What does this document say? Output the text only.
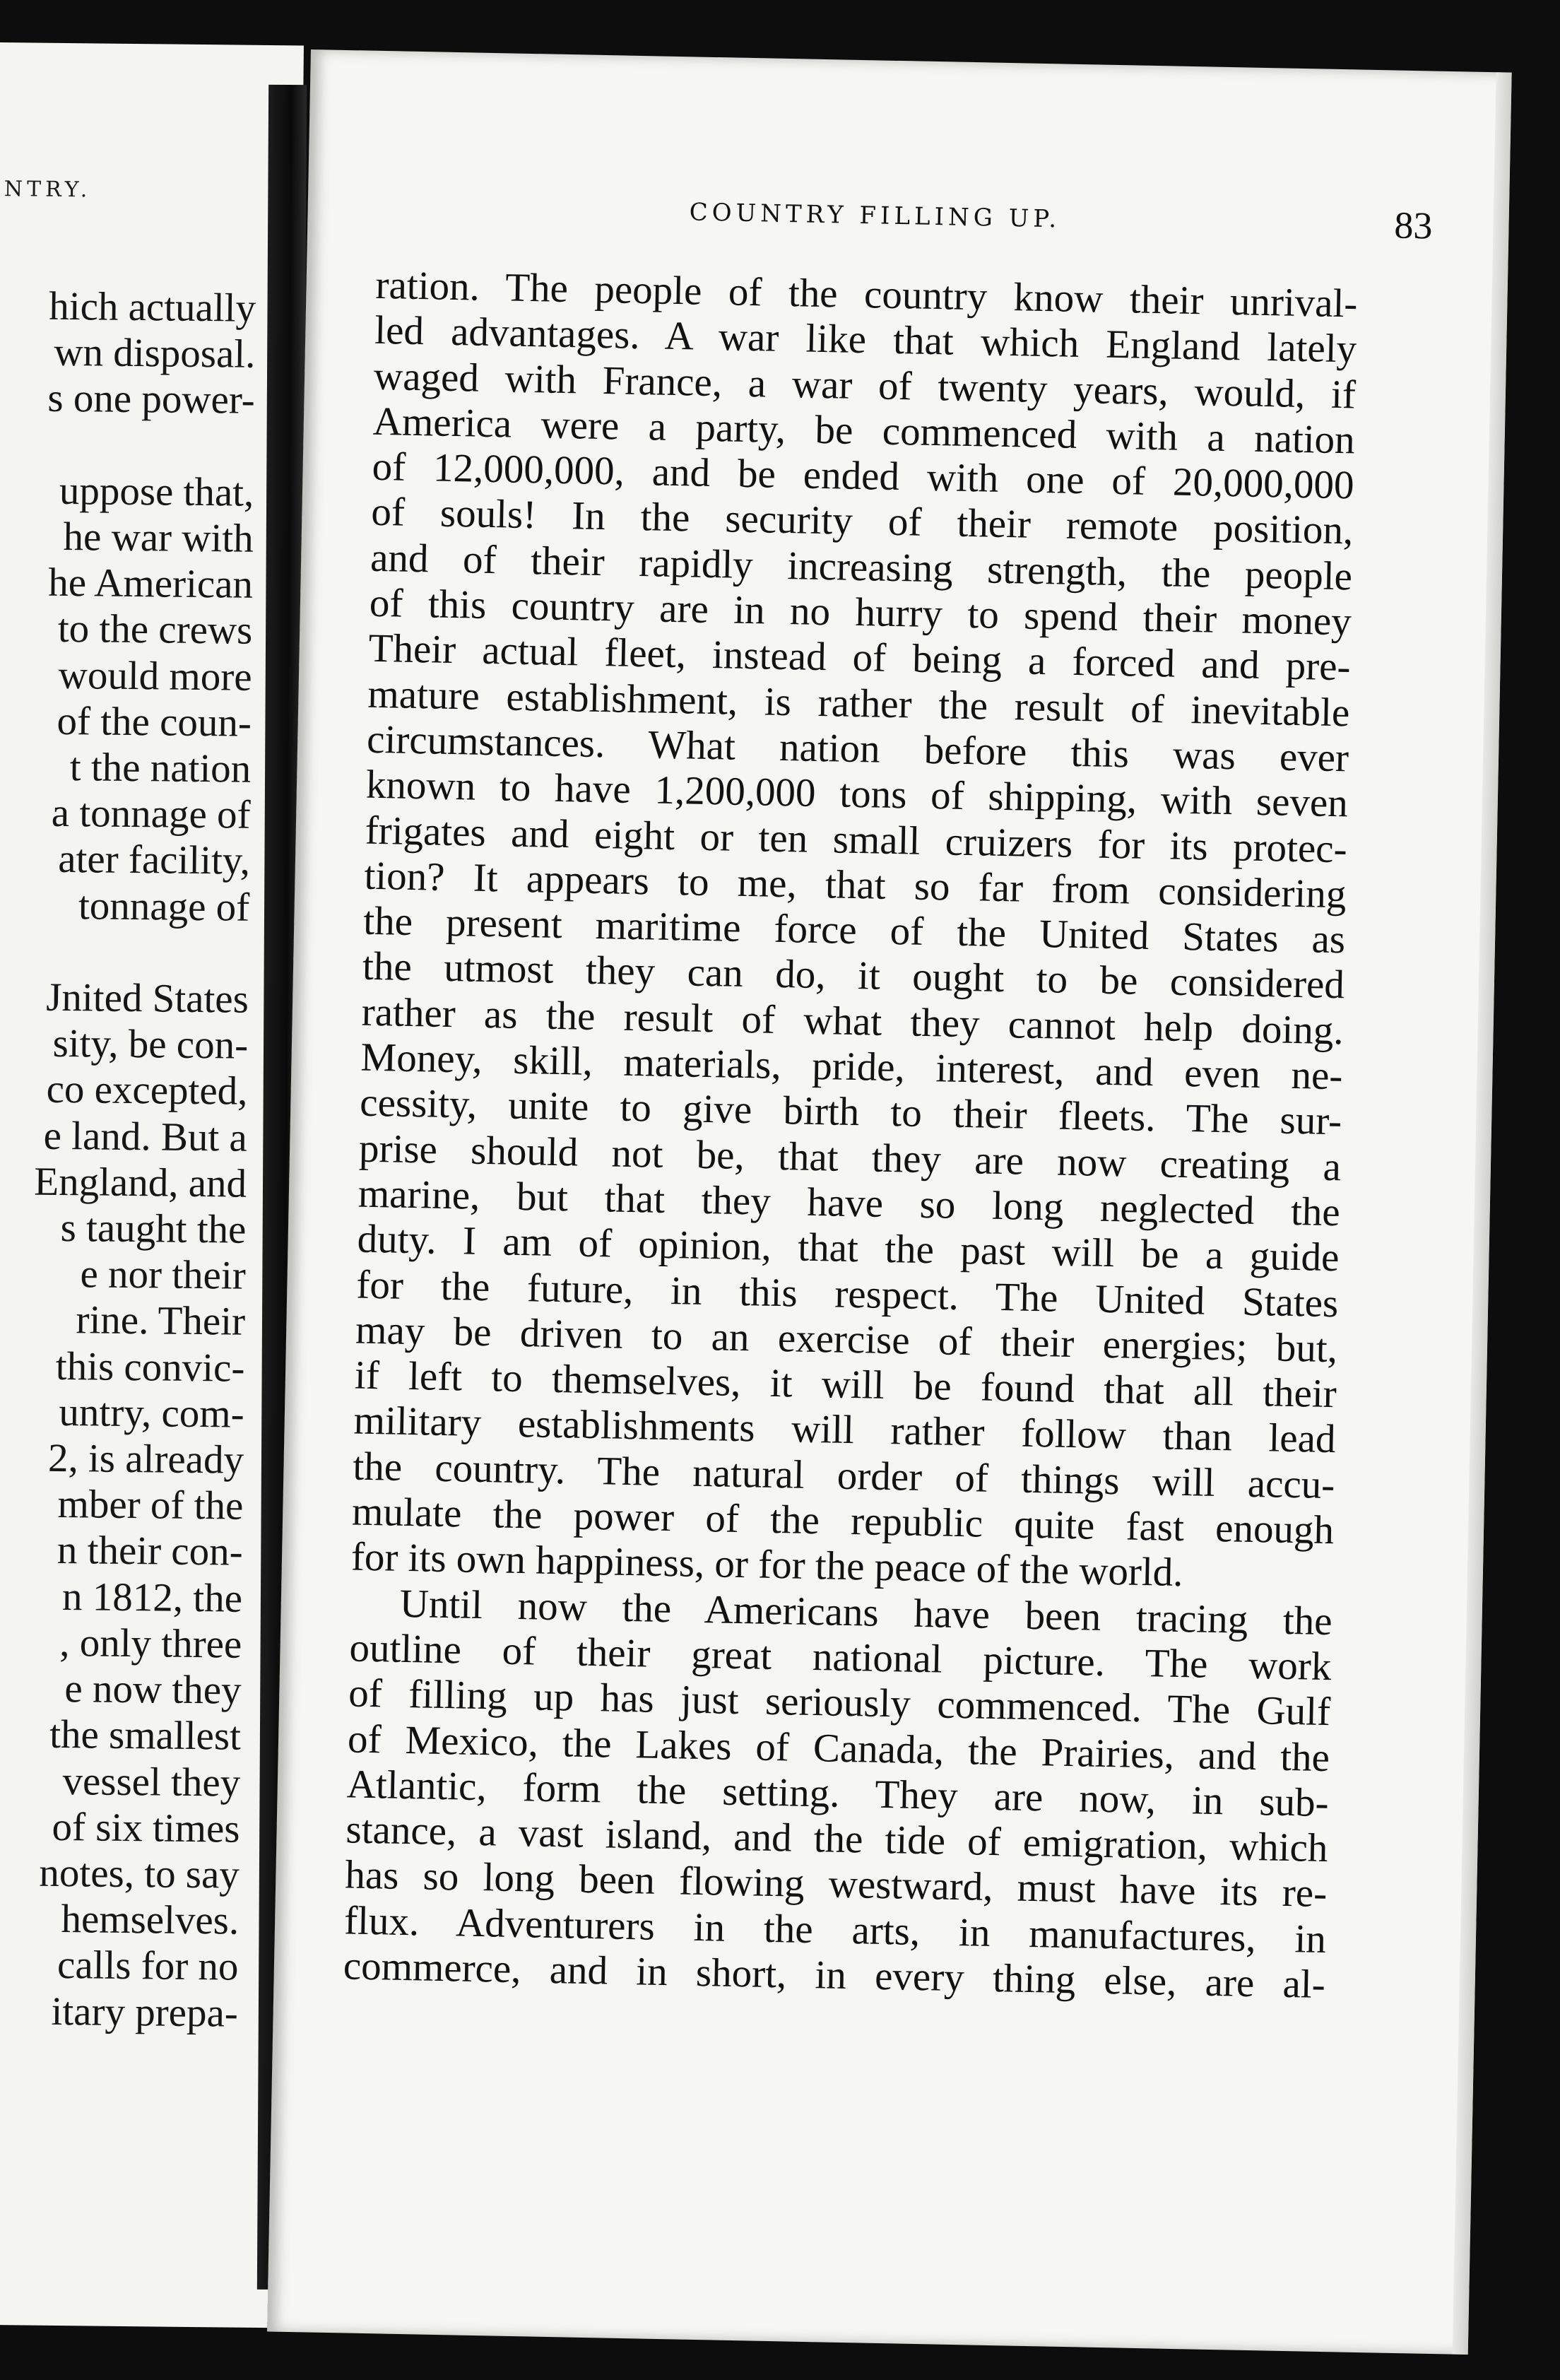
NTRY.
hich actually
wn disposal.
s one power-

uppose that,
he war with
he American
to the crews
would more
of the coun-
t the nation
a tonnage of
ater facility,
tonnage of

Jnited States
sity, be con-
co excepted,
e land. But a
England, and
s taught the
e nor their
rine. Their
this convic-
untry, com-
2, is already
mber of the
n their con-
n 1812, the
, only three
e now they
the smallest
vessel they
of six times
notes, to say
hemselves.
calls for no
itary prepa-
COUNTRY FILLING UP.	83
ration. The people of the country know their unrival-
led advantages. A war like that which England lately
waged with France, a war of twenty years, would, if
America were a party, be commenced with a nation
of 12,000,000, and be ended with one of 20,000,000
of souls! In the security of their remote position,
and of their rapidly increasing strength, the people
of this country are in no hurry to spend their money
Their actual fleet, instead of being a forced and pre-
mature establishment, is rather the result of inevitable
circumstances. What nation before this was ever
known to have 1,200,000 tons of shipping, with seven
frigates and eight or ten small cruizers for its protec-
tion? It appears to me, that so far from considering
the present maritime force of the United States as
the utmost they can do, it ought to be considered
rather as the result of what they cannot help doing.
Money, skill, materials, pride, interest, and even ne-
cessity, unite to give birth to their fleets. The sur-
prise should not be, that they are now creating a
marine, but that they have so long neglected the
duty. I am of opinion, that the past will be a guide
for the future, in this respect. The United States
may be driven to an exercise of their energies; but,
if left to themselves, it will be found that all their
military establishments will rather follow than lead
the country. The natural order of things will accu-
mulate the power of the republic quite fast enough
for its own happiness, or for the peace of the world.
Until now the Americans have been tracing the
outline of their great national picture. The work
of filling up has just seriously commenced. The Gulf
of Mexico, the Lakes of Canada, the Prairies, and the
Atlantic, form the setting. They are now, in sub-
stance, a vast island, and the tide of emigration, which
has so long been flowing westward, must have its re-
flux. Adventurers in the arts, in manufactures, in
commerce, and in short, in every thing else, are al-
